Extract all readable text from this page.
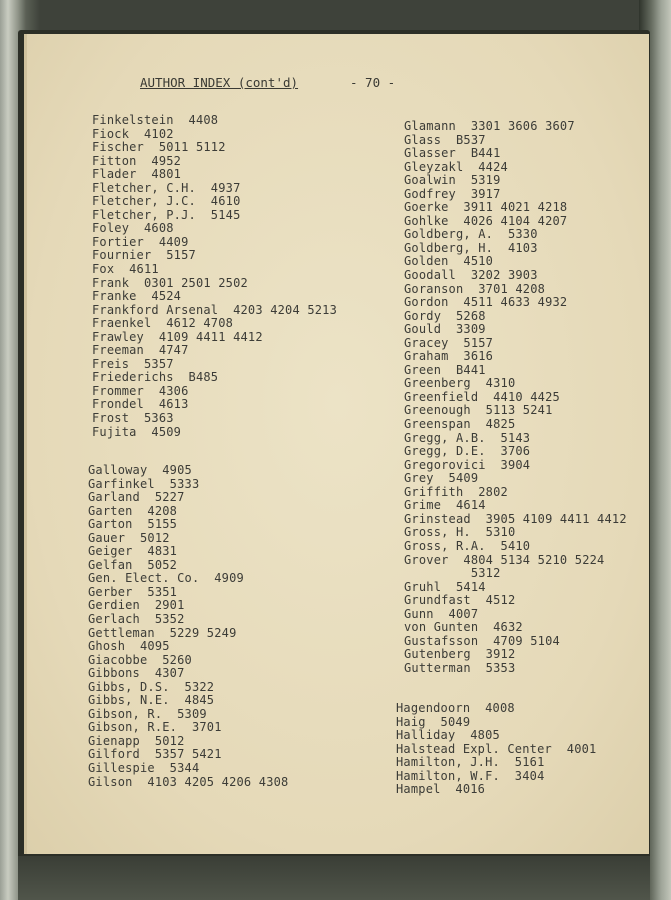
AUTHOR INDEX (cont'd)	- 70 -
Finkelstein  4408
Fiock  4102
Fischer  5011 5112
Fitton  4952
Flader  4801
Fletcher, C.H.  4937
Fletcher, J.C.  4610
Fletcher, P.J.  5145
Foley  4608
Fortier  4409
Fournier  5157
Fox  4611
Frank  0301 2501 2502
Franke  4524
Frankford Arsenal  4203 4204 5213
Fraenkel  4612 4708
Frawley  4109 4411 4412
Freeman  4747
Freis  5357
Friederichs  B485
Frommer  4306
Frondel  4613
Frost  5363
Fujita  4509
Galloway  4905
Garfinkel  5333
Garland  5227
Garten  4208
Garton  5155
Gauer  5012
Geiger  4831
Gelfan  5052
Gen. Elect. Co.  4909
Gerber  5351
Gerdien  2901
Gerlach  5352
Gettleman  5229 5249
Ghosh  4095
Giacobbe  5260
Gibbons  4307
Gibbs, D.S.  5322
Gibbs, N.E.  4845
Gibson, R.  5309
Gibson, R.E.  3701
Gienapp  5012
Gilford  5357 5421
Gillespie  5344
Gilson  4103 4205 4206 4308
Glamann  3301 3606 3607
Glass  B537
Glasser  B441
Gleyzakl  4424
Goalwin  5319
Godfrey  3917
Goerke  3911 4021 4218
Gohlke  4026 4104 4207
Goldberg, A.  5330
Goldberg, H.  4103
Golden  4510
Goodall  3202 3903
Goranson  3701 4208
Gordon  4511 4633 4932
Gordy  5268
Gould  3309
Gracey  5157
Graham  3616
Green  B441
Greenberg  4310
Greenfield  4410 4425
Greenough  5113 5241
Greenspan  4825
Gregg, A.B.  5143
Gregg, D.E.  3706
Gregorovici  3904
Grey  5409
Griffith  2802
Grime  4614
Grinstead  3905 4109 4411 4412
Gross, H.  5310
Gross, R.A.  5410
Grover  4804 5134 5210 5224
5312
Gruhl  5414
Grundfast  4512
Gunn  4007
von Gunten  4632
Gustafsson  4709 5104
Gutenberg  3912
Gutterman  5353
Hagendoorn  4008
Haig  5049
Halliday  4805
Halstead Expl. Center  4001
Hamilton, J.H.  5161
Hamilton, W.F.  3404
Hampel  4016
